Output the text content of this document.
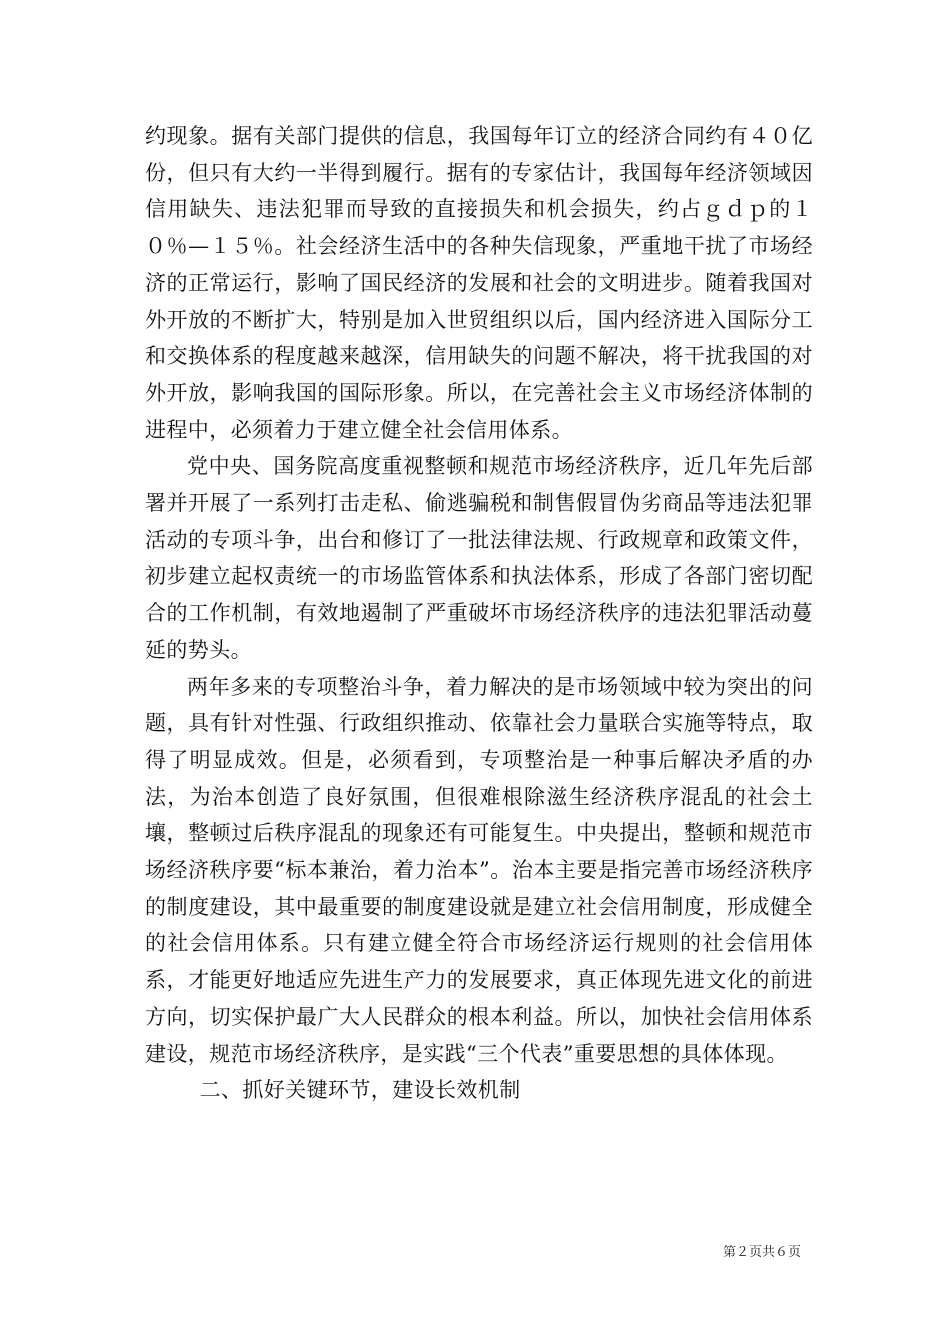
约现象。据有关部门提供的信息，我国每年订立的经济合同约有４０亿份，但只有大约一半得到履行。据有的专家估计，我国每年经济领域因信用缺失、违法犯罪而导致的直接损失和机会损失，约占ｇｄｐ的１０％—１５％。社会经济生活中的各种失信现象，严重地干扰了市场经济的正常运行，影响了国民经济的发展和社会的文明进步。随着我国对外开放的不断扩大，特别是加入世贸组织以后，国内经济进入国际分工和交换体系的程度越来越深，信用缺失的问题不解决，将干扰我国的对外开放，影响我国的国际形象。所以，在完善社会主义市场经济体制的进程中，必须着力于建立健全社会信用体系。

党中央、国务院高度重视整顿和规范市场经济秩序，近几年先后部署并开展了一系列打击走私、偷逃骗税和制售假冒伪劣商品等违法犯罪活动的专项斗争，出台和修订了一批法律法规、行政规章和政策文件，初步建立起权责统一的市场监管体系和执法体系，形成了各部门密切配合的工作机制，有效地遏制了严重破坏市场经济秩序的违法犯罪活动蔓延的势头。

两年多来的专项整治斗争，着力解决的是市场领域中较为突出的问题，具有针对性强、行政组织推动、依靠社会力量联合实施等特点，取得了明显成效。但是，必须看到，专项整治是一种事后解决矛盾的办法，为治本创造了良好氛围，但很难根除滋生经济秩序混乱的社会土壤，整顿过后秩序混乱的现象还有可能复生。中央提出，整顿和规范市场经济秩序要“标本兼治，着力治本”。治本主要是指完善市场经济秩序的制度建设，其中最重要的制度建设就是建立社会信用制度，形成健全的社会信用体系。只有建立健全符合市场经济运行规则的社会信用体系，才能更好地适应先进生产力的发展要求，真正体现先进文化的前进方向，切实保护最广大人民群众的根本利益。所以，加快社会信用体系建设，规范市场经济秩序，是实践“三个代表”重要思想的具体体现。

二、抓好关键环节，建设长效机制

第２页共６页
